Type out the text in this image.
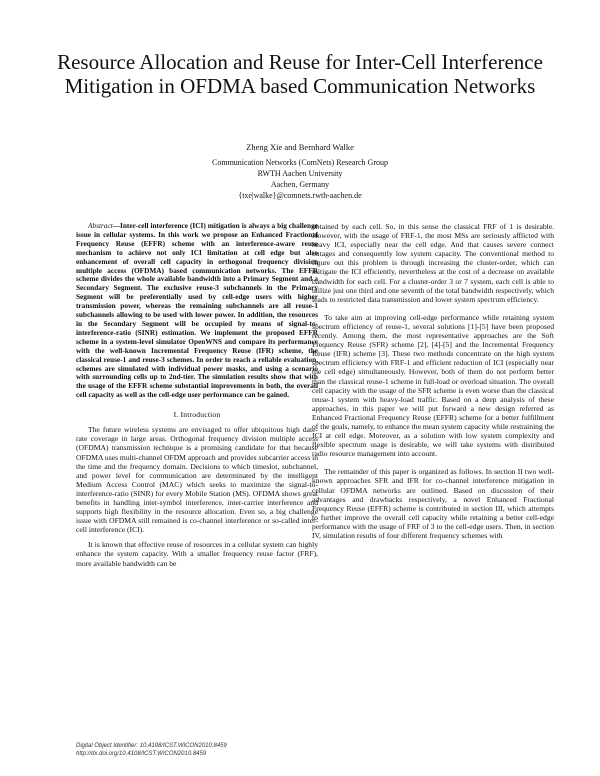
Resource Allocation and Reuse for Inter-Cell Interference Mitigation in OFDMA based Communication Networks
Zheng Xie and Bernhard Walke
Communication Networks (ComNets) Research Group
RWTH Aachen University
Aachen, Germany
{txe|walke}@comnets.rwth-aachen.de

Abstract—Inter-cell interference (ICI) mitigation is always a big challenge issue in cellular systems. In this work we propose an Enhanced Fractional Frequency Reuse (EFFR) scheme with an interference-aware reuse mechanism to achieve not only ICI limitation at cell edge but also enhancement of overall cell capacity in orthogonal frequency division multiple access (OFDMA) based communication networks. The EFFR scheme divides the whole available bandwidth into a Primary Segment and a Secondary Segment. The exclusive reuse-3 subchannels in the Primary Segment will be preferentially used by cell-edge users with higher transmission power, whereas the remaining subchannels are all reuse-1 subchannels allowing to be used with lower power. In addition, the resources in the Secondary Segment will be occupied by means of signal-to-interference-ratio (SINR) estimation. We implement the proposed EFFR scheme in a system-level simulator OpenWNS and compare its performance with the well-known Incremental Frequency Reuse (IFR) scheme, the classical reuse-1 and reuse-3 schemes. In order to reach a reliable evaluation, schemes are simulated with individual power masks, and using a scenario with surrounding cells up to 2nd-tier. The simulation results show that with the usage of the EFFR scheme substantial improvements in both, the overall cell capacity as well as the cell-edge user performance can be gained.

I. Introduction

The future wireless systems are envisaged to offer ubiquitous high date-rate coverage in large areas. Orthogonal frequency division multiple access (OFDMA) transmission technique is a promising candidate for that because OFDMA uses multi-channel OFDM approach and provides subcarrier access in the time and the frequency domain. Decisions to which timeslot, subchannel, and power level for communication are determinated by the intelligent Medium Access Control (MAC) which seeks to maximize the signal-to-interference-ratio (SINR) for every Mobile Station (MS). OFDMA shows great benefits in handling inter-symbol interference, inter-carrier interference and supports high flexibility in the resource allocation. Even so, a big challenge issue with OFDMA still remained is co-channel interference or so-called inter-cell interference (ICI).

It is known that effective reuse of resources in a cellular system can highly enhance the system capacity. With a smaller frequency reuse factor (FRF), more available bandwidth can be

obtained by each cell. So, in this sense the classical FRF of 1 is desirable. However, with the usage of FRF-1, the most MSs are seriously afflicted with heavy ICI, especially near the cell edge. And that causes severe connect outages and consequently low system capacity. The conventional method to figure out this problem is through increasing the cluster-order, which can mitigate the ICI efficiently, nevertheless at the cost of a decrease on available bandwidth for each cell. For a cluster-order 3 or 7 system, each cell is able to utilize just one third and one seventh of the total bandwidth respectively, which leads to restricted data transmission and lower system spectrum efficiency.

To take aim at improving cell-edge performance while retaining system spectrum efficiency of reuse-1, several solutions [1]-[5] have been proposed recently. Among them, the most representative approaches are the Soft Frequency Reuse (SFR) scheme [2], [4]-[5] and the Incremental Frequency Reuse (IFR) scheme [3]. These two methods concentrate on the high system spectrum efficiency with FRF-1 and efficient reduction of ICI (especially near the cell edge) simultaneously. However, both of them do not perform better than the classical reuse-1 scheme in full-load or overload situation. The overall cell capacity with the usage of the SFR scheme is even worse than the classical reuse-1 system with heavy-load traffic. Based on a deep analysis of these approaches, in this paper we will put forward a new design referred as Enhanced Fractional Frequency Reuse (EFFR) scheme for a better fulfillment of the goals, namely, to enhance the mean system capacity while restraining the ICI at cell edge. Moreover, as a solution with low system complexity and flexible spectrum usage is desirable, we will take systems with distributed radio resource management into account.

The remainder of this paper is organized as follows. In section II two well-known approaches SFR and IFR for co-channel interference mitigation in cellular OFDMA networks are outlined. Based on discussion of their advantages and drawbacks respectively, a novel Enhanced Fractional Frequency Reuse (EFFR) scheme is contributed in section III, which attempts to further improve the overall cell capacity while retaining a better cell-edge performance with the usage of FRF of 3 to the cell-edge users. Then, in section IV, simulation results of four different frequency schemes with

Digital Object Identifier: 10.4108/ICST.WICON2010.8459
http://dx.doi.org/10.4108/ICST.WICON2010.8459
